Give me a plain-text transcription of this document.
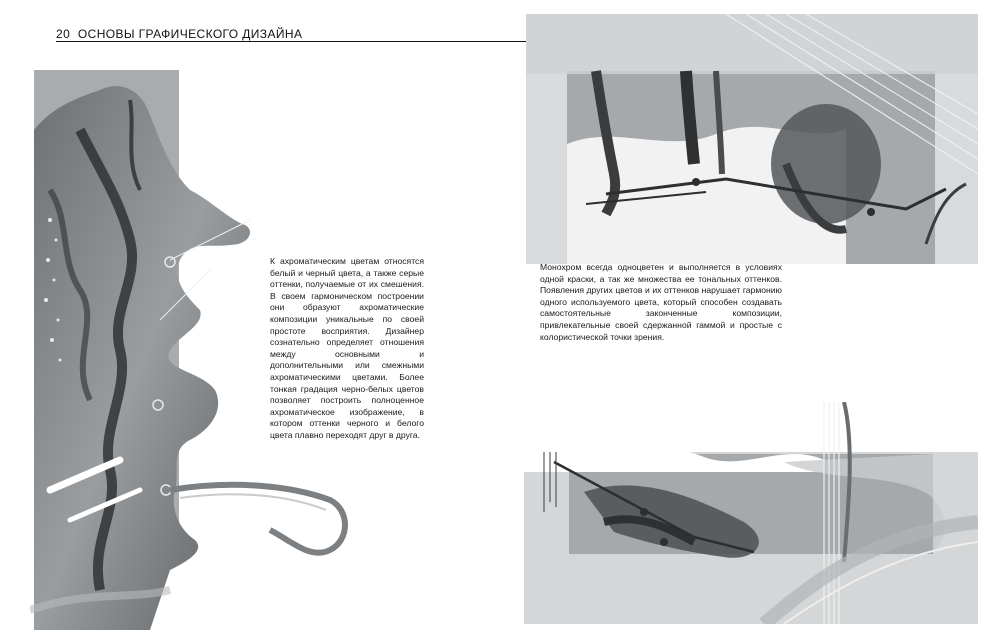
20 ОСНОВЫ ГРАФИЧЕСКОГО ДИЗАЙНА
К ахроматическим цветам относятся белый и черный цвета, а также серые оттенки, получаемые от их смешения. В своем гармоническом построении они образуют ахроматические композиции уникальные по своей простоте восприятия. Дизайнер сознательно определяет отношения между основными и дополнительными или смежными ахроматическими цветами. Более тонкая градация черно-белых цветов позволяет построить полноценное ахроматическое изображение, в котором оттенки черного и белого цвета плавно переходят друг в друга.
Монохром всегда одноцветен и выполняется в условиях одной краски, а так же множества ее тональных оттенков. Появления других цветов и их оттенков нарушает гармонию одного используемого цвета, который способен создавать самостоятельные законченные композиции, привлекательные своей сдержанной гаммой и простые с колористической точки зрения.
